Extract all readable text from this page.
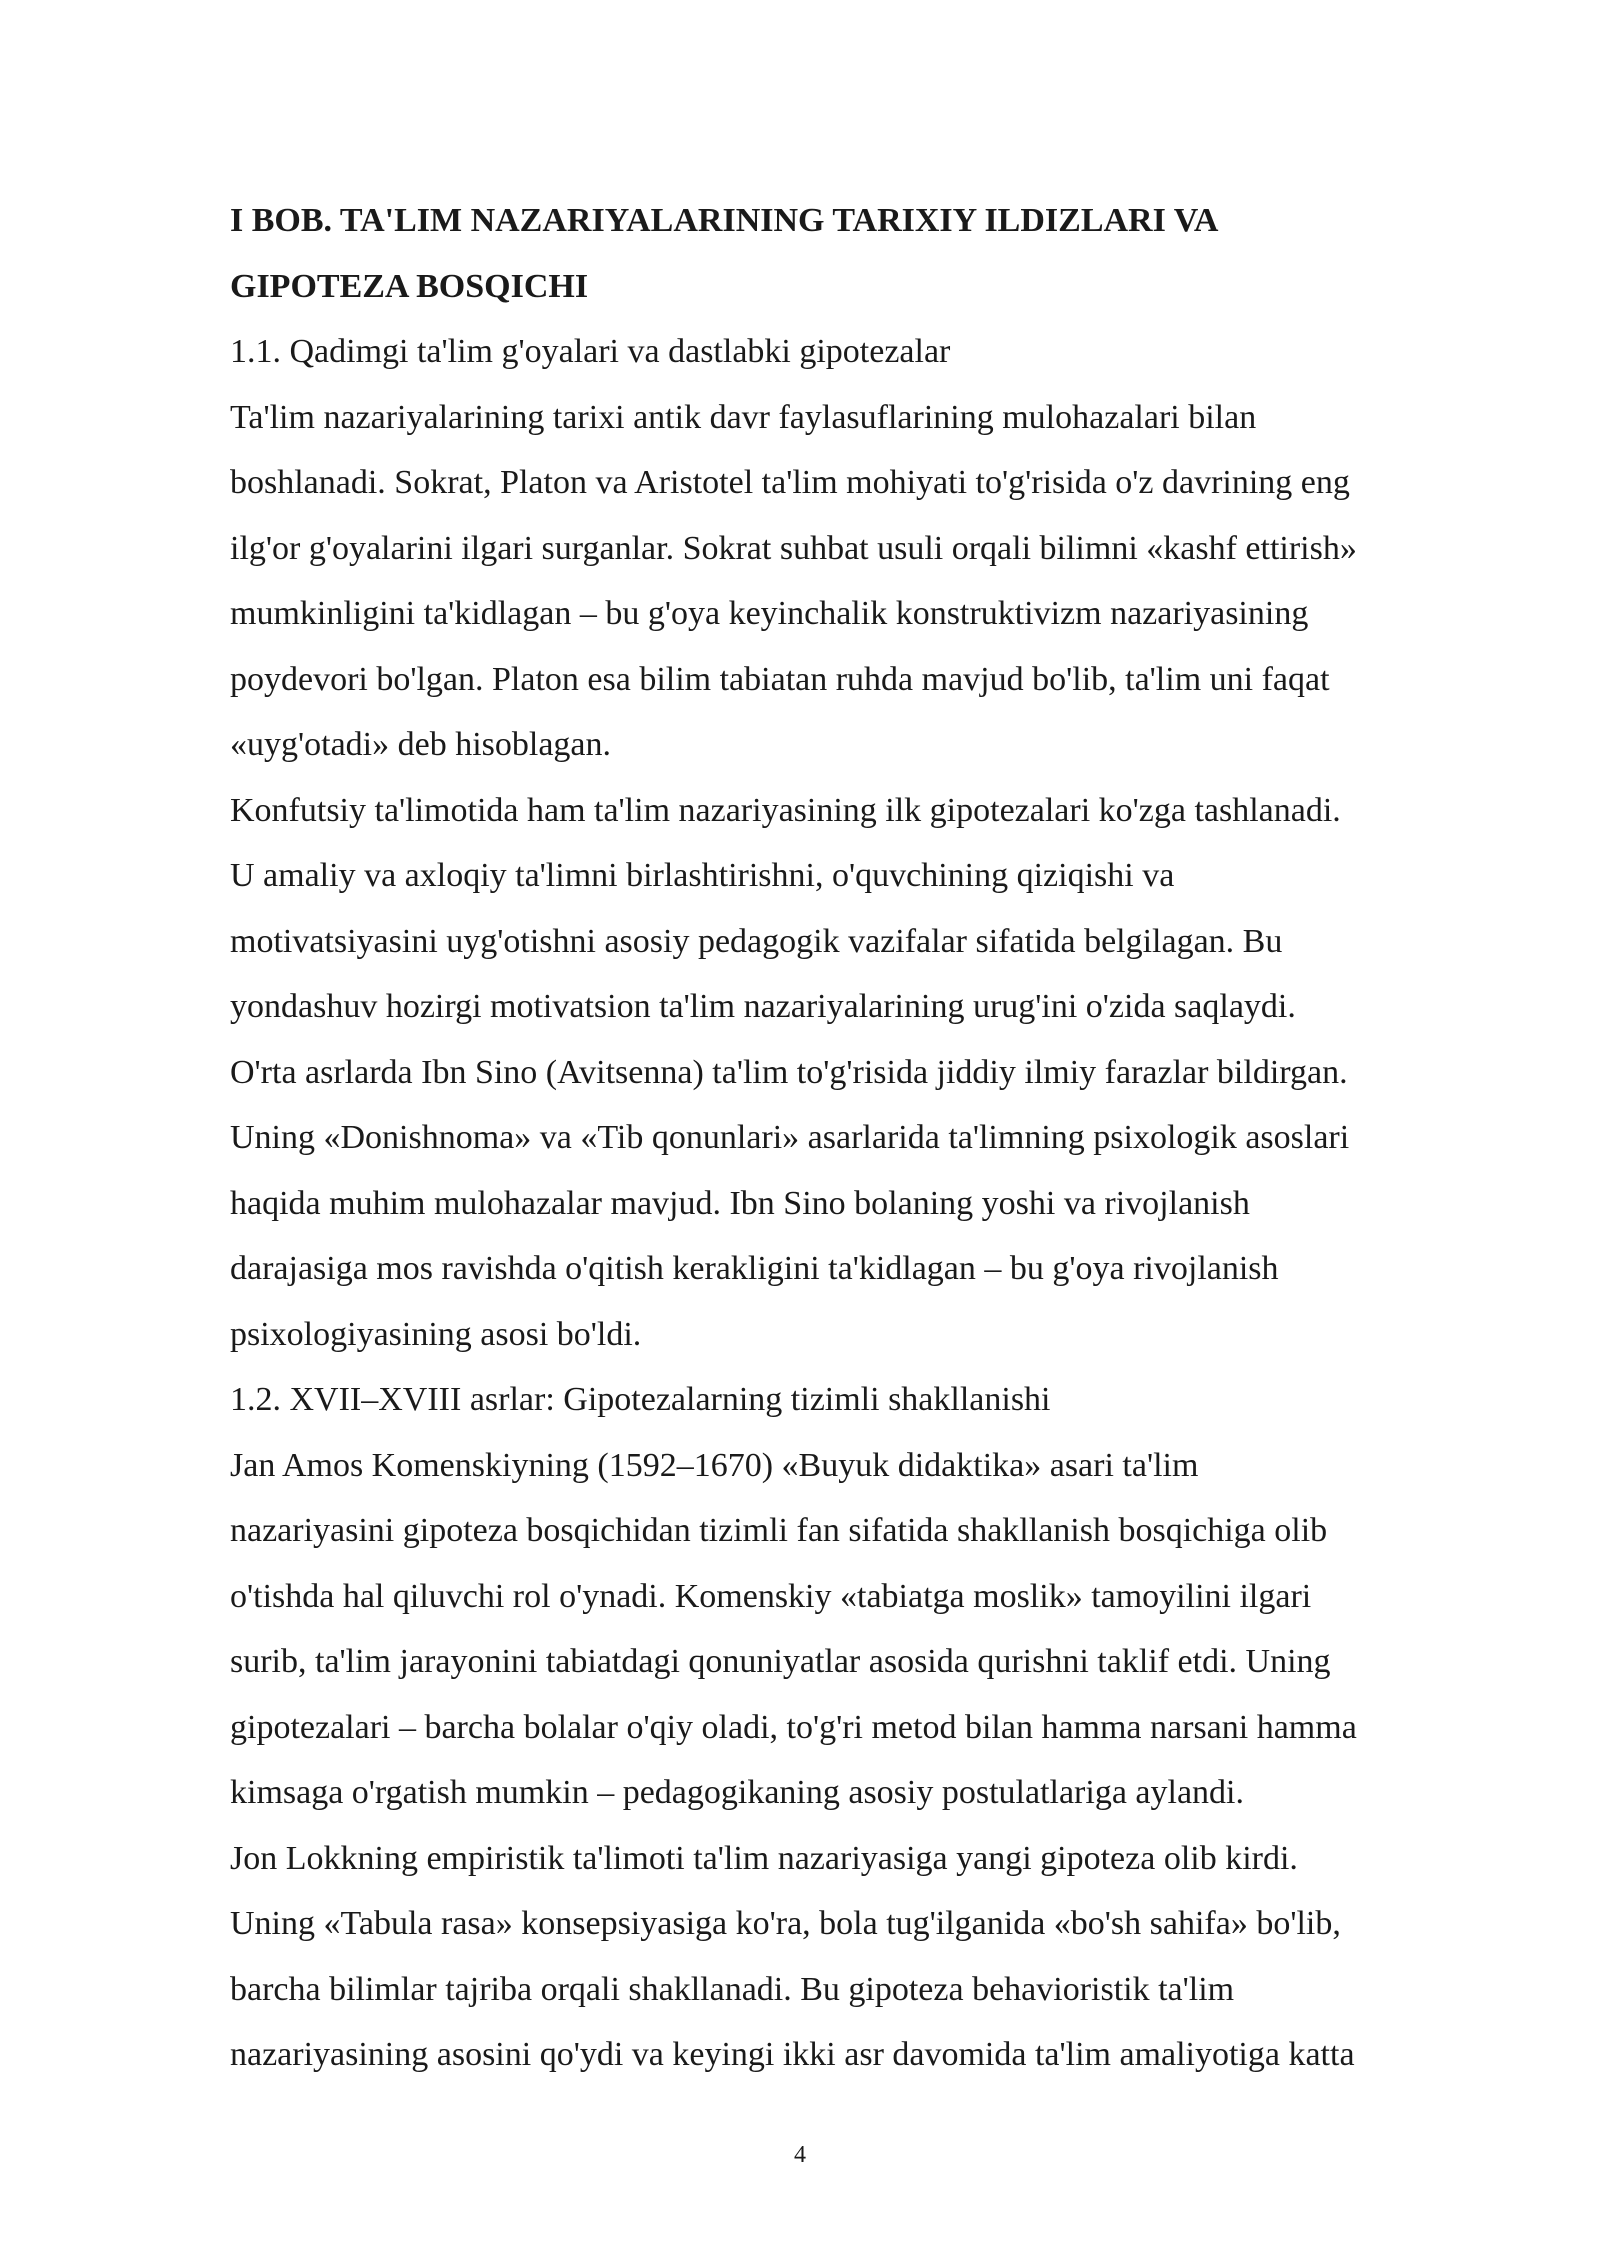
I BOB. TA'LIM NAZARIYALARINING TARIXIY ILDIZLARI VA

GIPOTEZA BOSQICHI

1.1. Qadimgi ta'lim g'oyalari va dastlabki gipotezalar

Ta'lim nazariyalarining tarixi antik davr faylasuflarining mulohazalari bilan

boshlanadi. Sokrat, Platon va Aristotel ta'lim mohiyati to'g'risida o'z davrining eng

ilg'or g'oyalarini ilgari surganlar. Sokrat suhbat usuli orqali bilimni «kashf ettirish»

mumkinligini ta'kidlagan – bu g'oya keyinchalik konstruktivizm nazariyasining

poydevori bo'lgan. Platon esa bilim tabiatan ruhda mavjud bo'lib, ta'lim uni faqat

«uyg'otadi» deb hisoblagan.

Konfutsiy ta'limotida ham ta'lim nazariyasining ilk gipotezalari ko'zga tashlanadi.

U amaliy va axloqiy ta'limni birlashtirishni, o'quvchining qiziqishi va

motivatsiyasini uyg'otishni asosiy pedagogik vazifalar sifatida belgilagan. Bu

yondashuv hozirgi motivatsion ta'lim nazariyalarining urug'ini o'zida saqlaydi.

O'rta asrlarda Ibn Sino (Avitsenna) ta'lim to'g'risida jiddiy ilmiy farazlar bildirgan.

Uning «Donishnoma» va «Tib qonunlari» asarlarida ta'limning psixologik asoslari

haqida muhim mulohazalar mavjud. Ibn Sino bolaning yoshi va rivojlanish

darajasiga mos ravishda o'qitish kerakligini ta'kidlagan – bu g'oya rivojlanish

psixologiyasining asosi bo'ldi.

1.2. XVII–XVIII asrlar: Gipotezalarning tizimli shakllanishi

Jan Amos Komenskiyning (1592–1670) «Buyuk didaktika» asari ta'lim

nazariyasini gipoteza bosqichidan tizimli fan sifatida shakllanish bosqichiga olib

o'tishda hal qiluvchi rol o'ynadi. Komenskiy «tabiatga moslik» tamoyilini ilgari

surib, ta'lim jarayonini tabiatdagi qonuniyatlar asosida qurishni taklif etdi. Uning

gipotezalari – barcha bolalar o'qiy oladi, to'g'ri metod bilan hamma narsani hamma

kimsaga o'rgatish mumkin – pedagogikaning asosiy postulatlariga aylandi.

Jon Lokkning empiristik ta'limoti ta'lim nazariyasiga yangi gipoteza olib kirdi.

Uning «Tabula rasa» konsepsiyasiga ko'ra, bola tug'ilganida «bo'sh sahifa» bo'lib,

barcha bilimlar tajriba orqali shakllanadi. Bu gipoteza behavioristik ta'lim

nazariyasining asosini qo'ydi va keyingi ikki asr davomida ta'lim amaliyotiga katta

4
